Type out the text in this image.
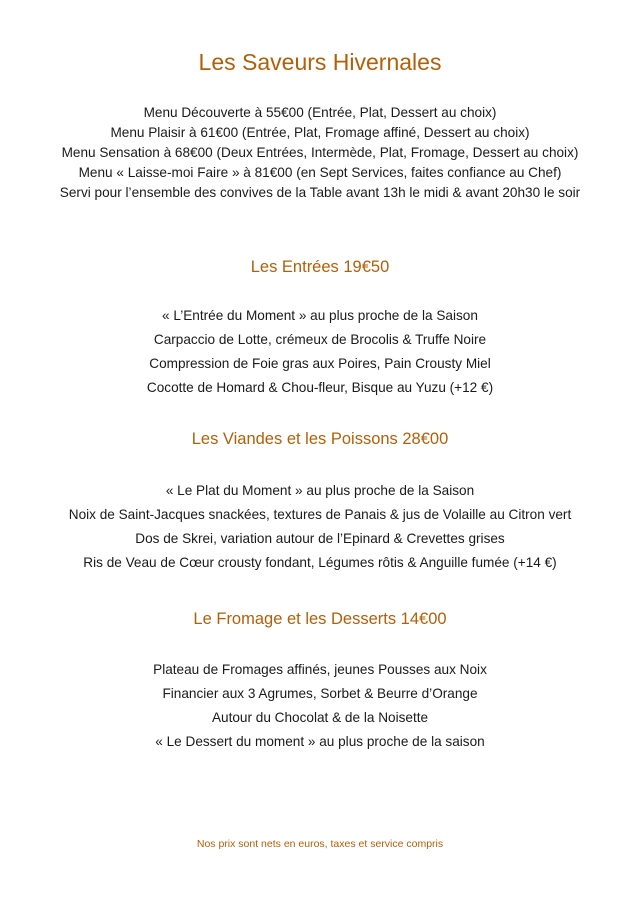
Les Saveurs Hivernales
Menu Découverte à 55€00 (Entrée, Plat, Dessert au choix)
Menu Plaisir à 61€00 (Entrée, Plat, Fromage affiné, Dessert au choix)
Menu Sensation à 68€00 (Deux Entrées, Intermède, Plat, Fromage, Dessert au choix)
Menu « Laisse-moi Faire » à 81€00 (en Sept Services, faites confiance au Chef)
Servi pour l’ensemble des convives de la Table avant 13h le midi & avant 20h30 le soir
Les Entrées 19€50
« L’Entrée du Moment » au plus proche de la Saison
Carpaccio de Lotte, crémeux de Brocolis & Truffe Noire
Compression de Foie gras aux Poires, Pain Crousty Miel
Cocotte de Homard & Chou-fleur, Bisque au Yuzu (+12 €)
Les Viandes et les Poissons 28€00
« Le Plat du Moment » au plus proche de la Saison
Noix de Saint-Jacques snackées, textures de Panais & jus de Volaille au Citron vert
Dos de Skrei, variation autour de l’Epinard & Crevettes grises
Ris de Veau de Cœur crousty fondant, Légumes rôtis & Anguille fumée (+14 €)
Le Fromage et les Desserts 14€00
Plateau de Fromages affinés, jeunes Pousses aux Noix
Financier aux 3 Agrumes, Sorbet & Beurre d’Orange
Autour du Chocolat & de la Noisette
« Le Dessert du moment » au plus proche de la saison
Nos prix sont nets en euros, taxes et service compris
